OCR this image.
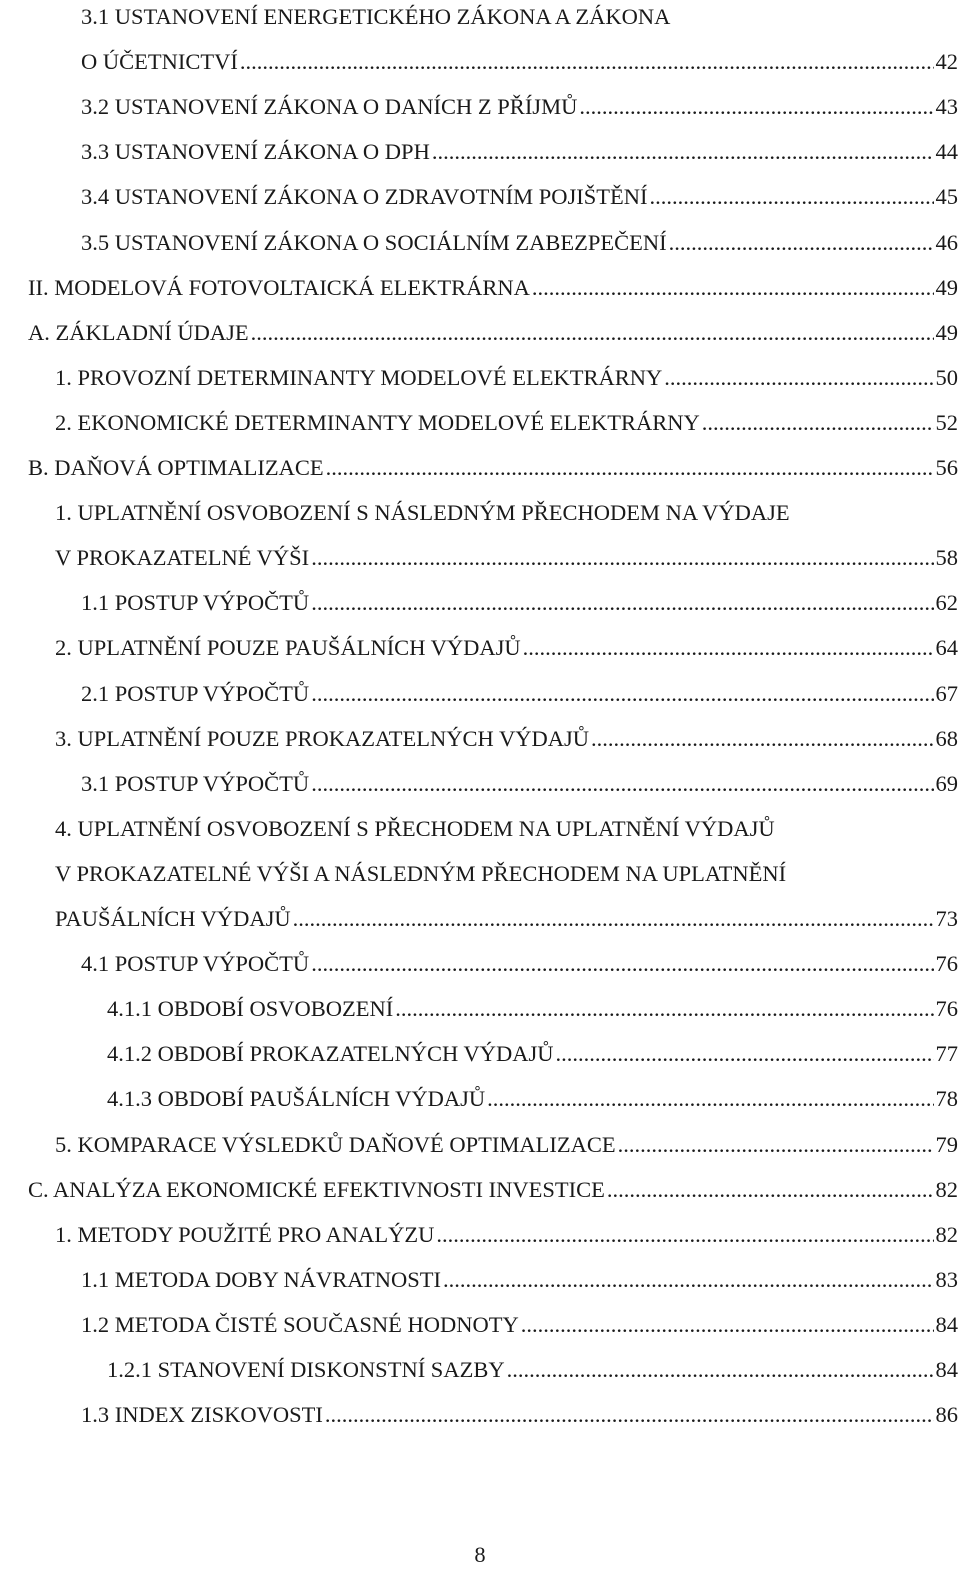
3.1 USTANOVENÍ ENERGETICKÉHO ZÁKONA A ZÁKONA
O ÚČETNICTVÍ .....	42
3.2 USTANOVENÍ ZÁKONA O DANÍCH Z PŘÍJMŮ .....	43
3.3 USTANOVENÍ ZÁKONA O DPH .....	44
3.4 USTANOVENÍ ZÁKONA O ZDRAVOTNÍM POJIŠTĚNÍ .....	45
3.5 USTANOVENÍ ZÁKONA O SOCIÁLNÍM ZABEZPEČENÍ .....	46
II. MODELOVÁ FOTOVOLTAICKÁ ELEKTRÁRNA .....	49
A. ZÁKLADNÍ ÚDAJE .....	49
1. PROVOZNÍ DETERMINANTY MODELOVÉ ELEKTRÁRNY .....	50
2. EKONOMICKÉ DETERMINANTY MODELOVÉ ELEKTRÁRNY .....	52
B. DAŇOVÁ OPTIMALIZACE .....	56
1. UPLATNĚNÍ OSVOBOZENÍ S NÁSLEDNÝM PŘECHODEM NA VÝDAJE
V PROKAZATELNÉ VÝŠI .....	58
1.1 POSTUP VÝPOČTŮ .....	62
2. UPLATNĚNÍ POUZE PAUŠÁLNÍCH VÝDAJŮ .....	64
2.1 POSTUP VÝPOČTŮ .....	67
3. UPLATNĚNÍ POUZE PROKAZATELNÝCH VÝDAJŮ .....	68
3.1 POSTUP VÝPOČTŮ .....	69
4. UPLATNĚNÍ OSVOBOZENÍ S PŘECHODEM NA UPLATNĚNÍ VÝDAJŮ
V PROKAZATELNÉ VÝŠI A NÁSLEDNÝM PŘECHODEM NA UPLATNĚNÍ
PAUŠÁLNÍCH VÝDAJŮ .....	73
4.1 POSTUP VÝPOČTŮ .....	76
4.1.1 OBDOBÍ OSVOBOZENÍ .....	76
4.1.2 OBDOBÍ PROKAZATELNÝCH VÝDAJŮ .....	77
4.1.3 OBDOBÍ PAUŠÁLNÍCH VÝDAJŮ .....	78
5. KOMPARACE VÝSLEDKŮ DAŇOVÉ OPTIMALIZACE .....	79
C. ANALÝZA EKONOMICKÉ EFEKTIVNOSTI INVESTICE .....	82
1. METODY POUŽITÉ PRO ANALÝZU .....	82
1.1 METODA DOBY NÁVRATNOSTI .....	83
1.2 METODA ČISTÉ SOUČASNÉ HODNOTY .....	84
1.2.1 STANOVENÍ DISKONSTNÍ SAZBY .....	84
1.3 INDEX ZISKOVOSTI .....	86
8
